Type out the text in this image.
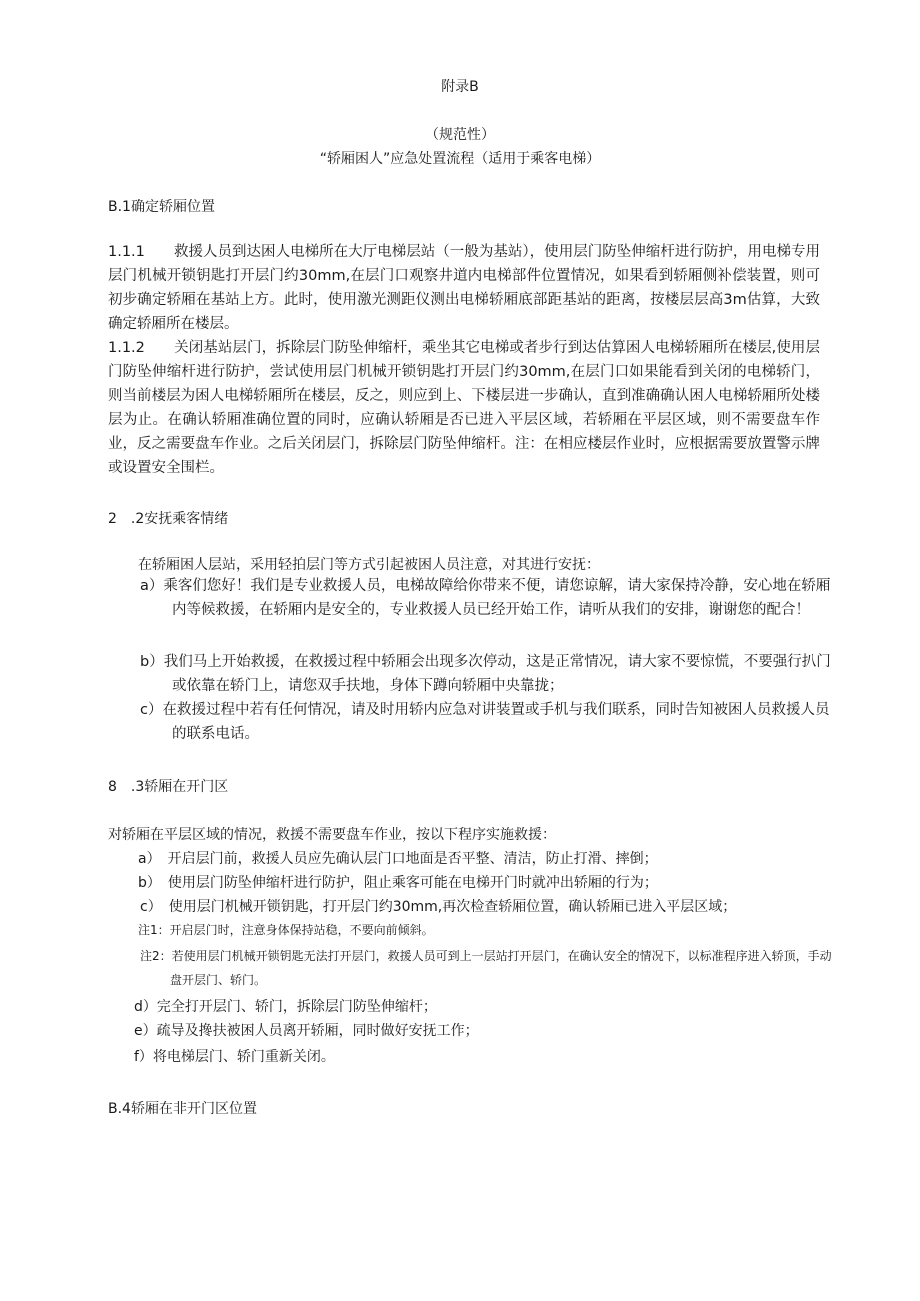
附录B
（规范性）
“轿厢困人”应急处置流程（适用于乘客电梯）
B.1确定轿厢位置
1.1.1　　救援人员到达困人电梯所在大厅电梯层站（一般为基站），使用层门防坠伸缩杆进行防护，用电梯专用层门机械开锁钥匙打开层门约30mm,在层门口观察井道内电梯部件位置情况，如果看到轿厢侧补偿装置，则可初步确定轿厢在基站上方。此时，使用激光测距仪测出电梯轿厢底部距基站的距离，按楼层层高3m估算，大致确定轿厢所在楼层。
1.1.2　　关闭基站层门，拆除层门防坠伸缩杆，乘坐其它电梯或者步行到达估算困人电梯轿厢所在楼层,使用层门防坠伸缩杆进行防护，尝试使用层门机械开锁钥匙打开层门约30mm,在层门口如果能看到关闭的电梯轿门，则当前楼层为困人电梯轿厢所在楼层，反之，则应到上、下楼层进一步确认，直到准确确认困人电梯轿厢所处楼层为止。在确认轿厢准确位置的同时，应确认轿厢是否已进入平层区域，若轿厢在平层区域，则不需要盘车作业，反之需要盘车作业。之后关闭层门，拆除层门防坠伸缩杆。注：在相应楼层作业时，应根据需要放置警示牌或设置安全围栏。
2　.2安抚乘客情绪
在轿厢困人层站，采用轻拍层门等方式引起被困人员注意，对其进行安抚：
a）乘客们您好！我们是专业救援人员，电梯故障给你带来不便，请您谅解，请大家保持冷静，安心地在轿厢内等候救援，在轿厢内是安全的，专业救援人员已经开始工作，请听从我们的安排，谢谢您的配合！
b）我们马上开始救援，在救援过程中轿厢会出现多次停动，这是正常情况，请大家不要惊慌，不要强行扒门或依靠在轿门上，请您双手扶地，身体下蹲向轿厢中央靠拢；
c）在救援过程中若有任何情况，请及时用轿内应急对讲装置或手机与我们联系，同时告知被困人员救援人员的联系电话。
8　.3轿厢在开门区
对轿厢在平层区域的情况，救援不需要盘车作业，按以下程序实施救援：
a）　开启层门前，救援人员应先确认层门口地面是否平整、清洁，防止打滑、摔倒；
b）　使用层门防坠伸缩杆进行防护，阻止乘客可能在电梯开门时就冲出轿厢的行为；
c）　使用层门机械开锁钥匙，打开层门约30mm,再次检查轿厢位置，确认轿厢已进入平层区域；
注1：开启层门时，注意身体保持站稳，不要向前倾斜。
注2：若使用层门机械开锁钥匙无法打开层门，救援人员可到上一层站打开层门，在确认安全的情况下，以标准程序进入轿顶，手动盘开层门、轿门。
d）完全打开层门、轿门，拆除层门防坠伸缩杆；
e）疏导及搀扶被困人员离开轿厢，同时做好安抚工作；
f）将电梯层门、轿门重新关闭。
B.4轿厢在非开门区位置
